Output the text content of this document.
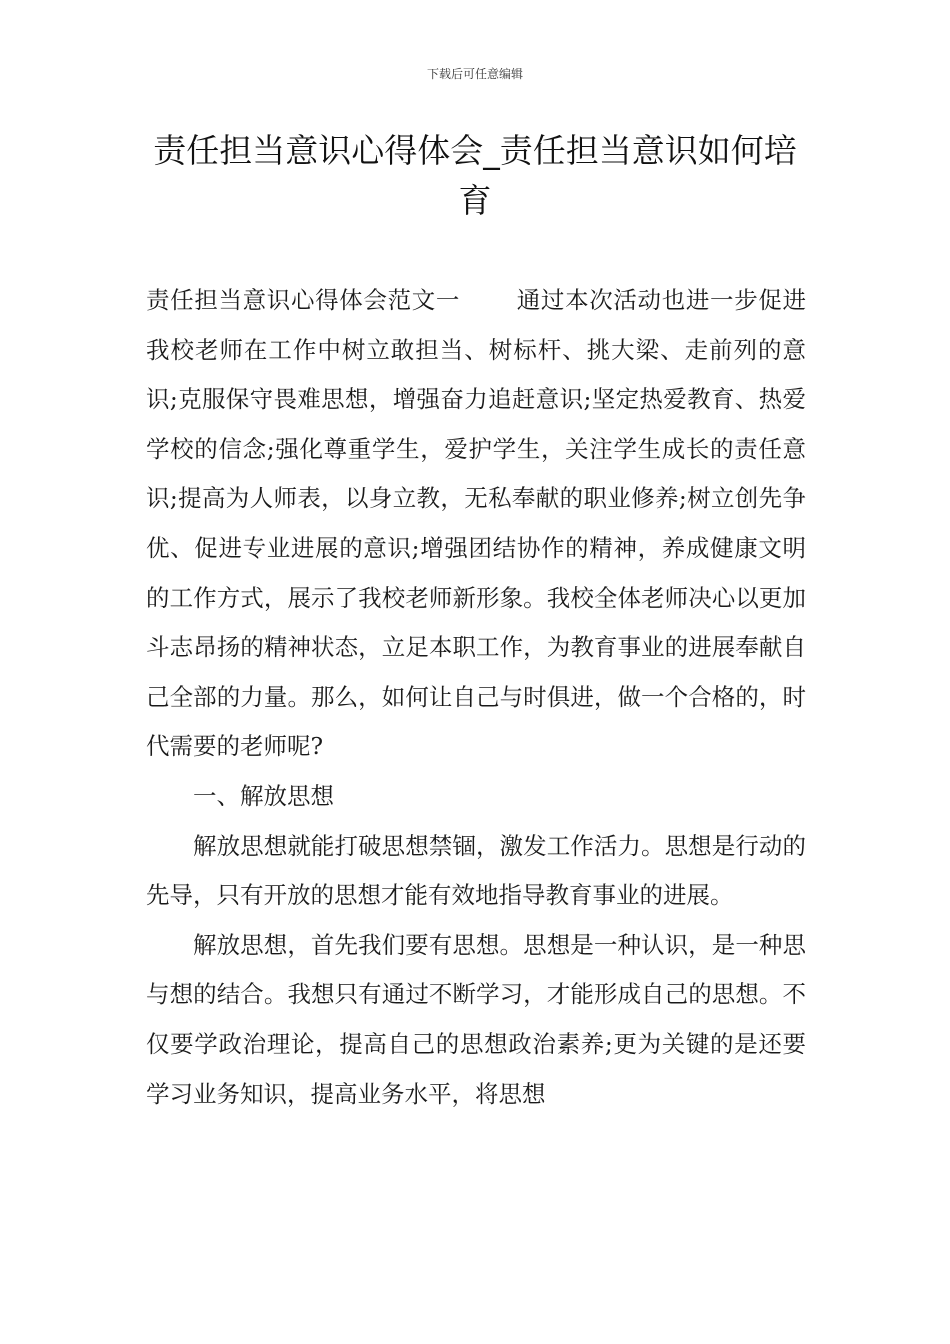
下载后可任意编辑
责任担当意识心得体会_责任担当意识如何培育

责任担当意识心得体会范文一 通过本次活动也进一步促进我校老师在工作中树立敢担当、树标杆、挑大梁、走前列的意识;克服保守畏难思想，增强奋力追赶意识;坚定热爱教育、热爱学校的信念;强化尊重学生，爱护学生，关注学生成长的责任意识;提高为人师表，以身立教，无私奉献的职业修养;树立创先争优、促进专业进展的意识;增强团结协作的精神，养成健康文明的工作方式，展示了我校老师新形象。我校全体老师决心以更加斗志昂扬的精神状态，立足本职工作，为教育事业的进展奉献自己全部的力量。那么，如何让自己与时俱进，做一个合格的，时代需要的老师呢?

一、解放思想

解放思想就能打破思想禁锢，激发工作活力。思想是行动的先导，只有开放的思想才能有效地指导教育事业的进展。

解放思想，首先我们要有思想。思想是一种认识，是一种思与想的结合。我想只有通过不断学习，才能形成自己的思想。不仅要学政治理论，提高自己的思想政治素养;更为关键的是还要学习业务知识，提高业务水平，将思想
